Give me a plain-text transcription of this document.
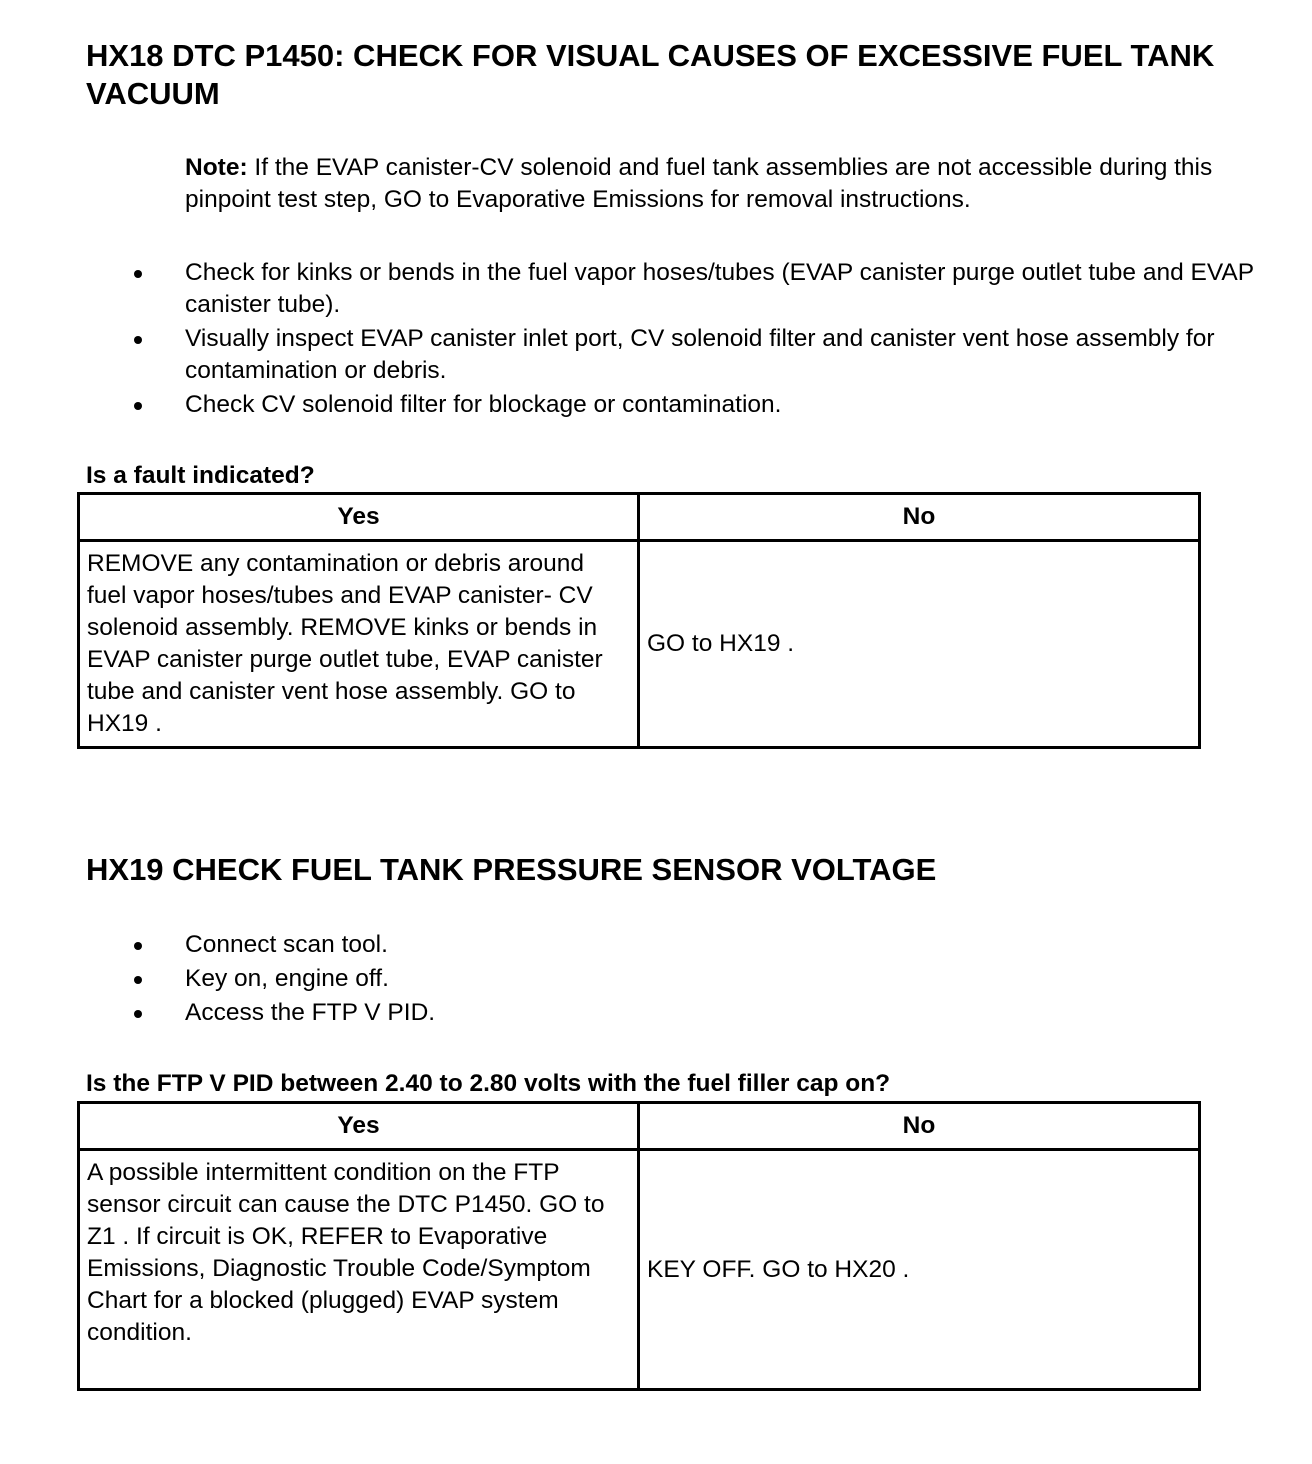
HX18 DTC P1450: CHECK FOR VISUAL CAUSES OF EXCESSIVE FUEL TANK VACUUM
Note: If the EVAP canister-CV solenoid and fuel tank assemblies are not accessible during this pinpoint test step, GO to Evaporative Emissions for removal instructions.
Check for kinks or bends in the fuel vapor hoses/tubes (EVAP canister purge outlet tube and EVAP canister tube).
Visually inspect EVAP canister inlet port, CV solenoid filter and canister vent hose assembly for contamination or debris.
Check CV solenoid filter for blockage or contamination.
Is a fault indicated?
Yes	No
REMOVE any contamination or debris around fuel vapor hoses/tubes and EVAP canister- CV solenoid assembly. REMOVE kinks or bends in EVAP canister purge outlet tube, EVAP canister tube and canister vent hose assembly. GO to HX19 .	GO to HX19 .
HX19 CHECK FUEL TANK PRESSURE SENSOR VOLTAGE
Connect scan tool.
Key on, engine off.
Access the FTP V PID.
Is the FTP V PID between 2.40 to 2.80 volts with the fuel filler cap on?
Yes	No
A possible intermittent condition on the FTP sensor circuit can cause the DTC P1450. GO to Z1 . If circuit is OK, REFER to Evaporative Emissions, Diagnostic Trouble Code/Symptom Chart for a blocked (plugged) EVAP system condition.	KEY OFF. GO to HX20 .
